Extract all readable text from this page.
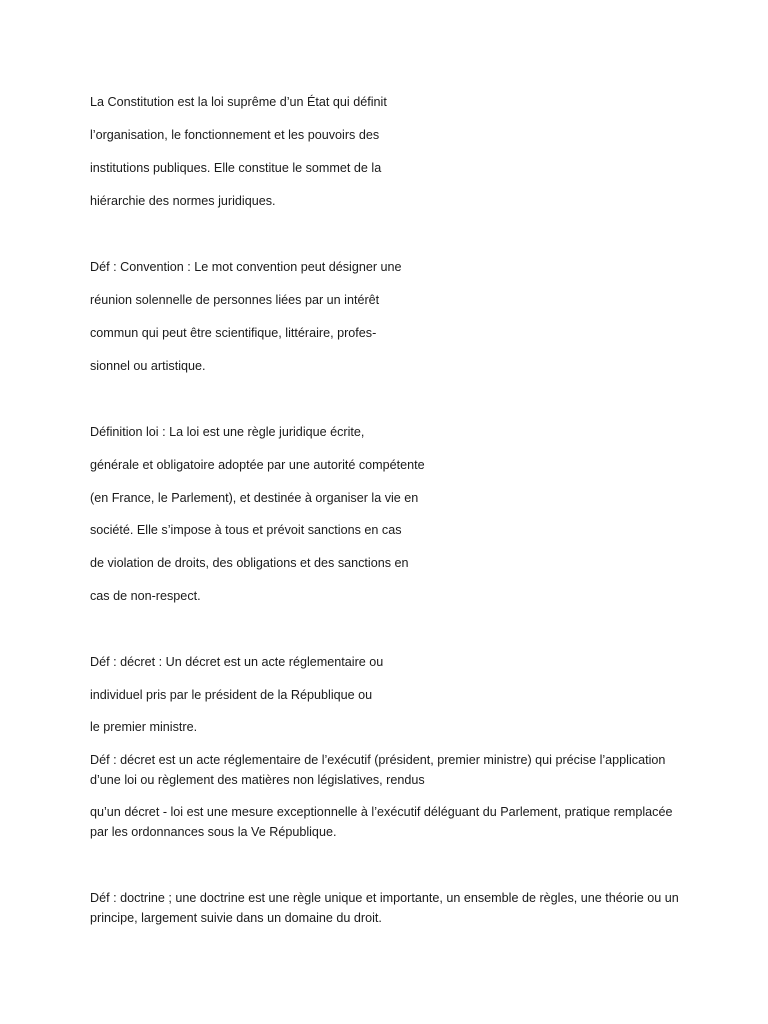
La Constitution est la loi suprême d’un État qui définit

l’organisation, le fonctionnement et les pouvoirs des

institutions publiques. Elle constitue le sommet de la

hiérarchie des normes juridiques.

Déf : Convention : Le mot convention peut désigner une

réunion solennelle de personnes liées par un intérêt

commun qui peut être scientifique, littéraire, profes-

sionnel ou artistique.

Définition loi : La loi est une règle juridique écrite,

générale et obligatoire adoptée par une autorité compétente

(en France, le Parlement), et destinée à organiser la vie en

société. Elle s’impose à tous et prévoit sanctions en cas

de violation de droits, des obligations et des sanctions en

cas de non-respect.

Déf : décret : Un décret est un acte réglementaire ou

individuel pris par le président de la République ou

le premier ministre.

Déf : décret est un acte réglementaire de l’exécutif (président, premier ministre) qui précise l’application d’une loi ou règlement des matières non législatives, rendus

qu’un décret - loi est une mesure exceptionnelle à l’exécutif déléguant du Parlement, pratique remplacée par les ordonnances sous la Ve République.

Déf : doctrine ; une doctrine est une règle unique et importante, un ensemble de règles, une théorie ou un principe, largement suivie dans un domaine du droit.
